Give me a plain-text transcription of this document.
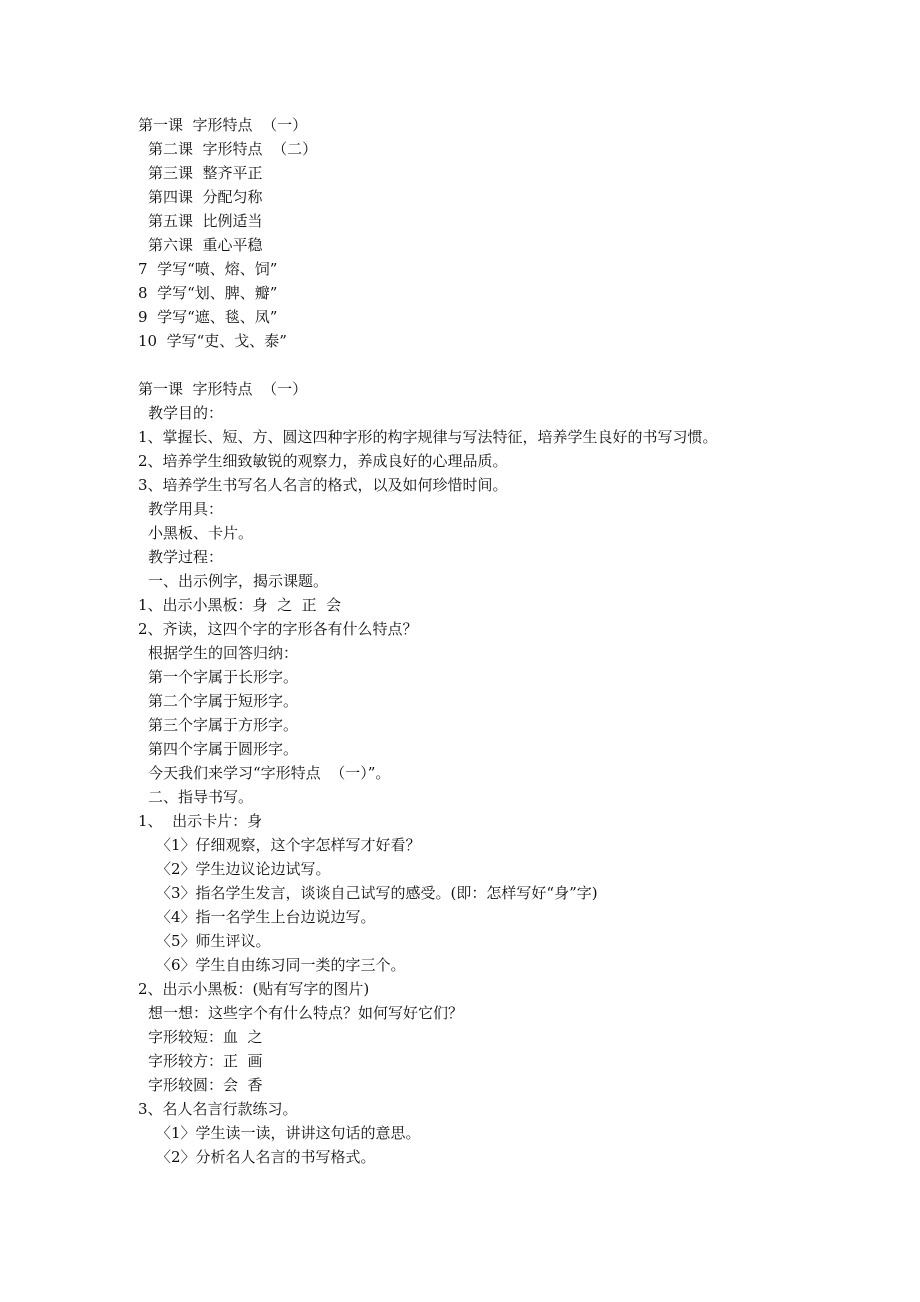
第一课  字形特点  （一）
第二课  字形特点  （二）
第三课  整齐平正
第四课  分配匀称
第五课  比例适当
第六课  重心平稳
7  学写“喷、熔、饲”
8  学写“划、脾、瓣”
9  学写“遮、毯、凤”
10  学写“吏、戈、泰”
第一课  字形特点  （一）
教学目的：
1、掌握长、短、方、圆这四种字形的构字规律与写法特征，培养学生良好的书写习惯。
2、培养学生细致敏锐的观察力，养成良好的心理品质。
3、培养学生书写名人名言的格式，以及如何珍惜时间。
教学用具：
小黑板、卡片。
教学过程：
一、出示例字，揭示课题。
1、出示小黑板：身  之  正  会
2、齐读，这四个字的字形各有什么特点？
根据学生的回答归纳：
第一个字属于长形字。
第二个字属于短形字。
第三个字属于方形字。
第四个字属于圆形字。
今天我们来学习“字形特点  （一）”。
二、指导书写。
1、  出示卡片：身
〈1〉仔细观察，这个字怎样写才好看？
〈2〉学生边议论边试写。
〈3〉指名学生发言，谈谈自己试写的感受。(即：怎样写好“身”字)
〈4〉指一名学生上台边说边写。
〈5〉师生评议。
〈6〉学生自由练习同一类的字三个。
2、出示小黑板：(贴有写字的图片)
想一想：这些字个有什么特点？如何写好它们？
字形较短：血  之
字形较方：正  画
字形较圆：会  香
3、名人名言行款练习。
〈1〉学生读一读，讲讲这句话的意思。
〈2〉分析名人名言的书写格式。
